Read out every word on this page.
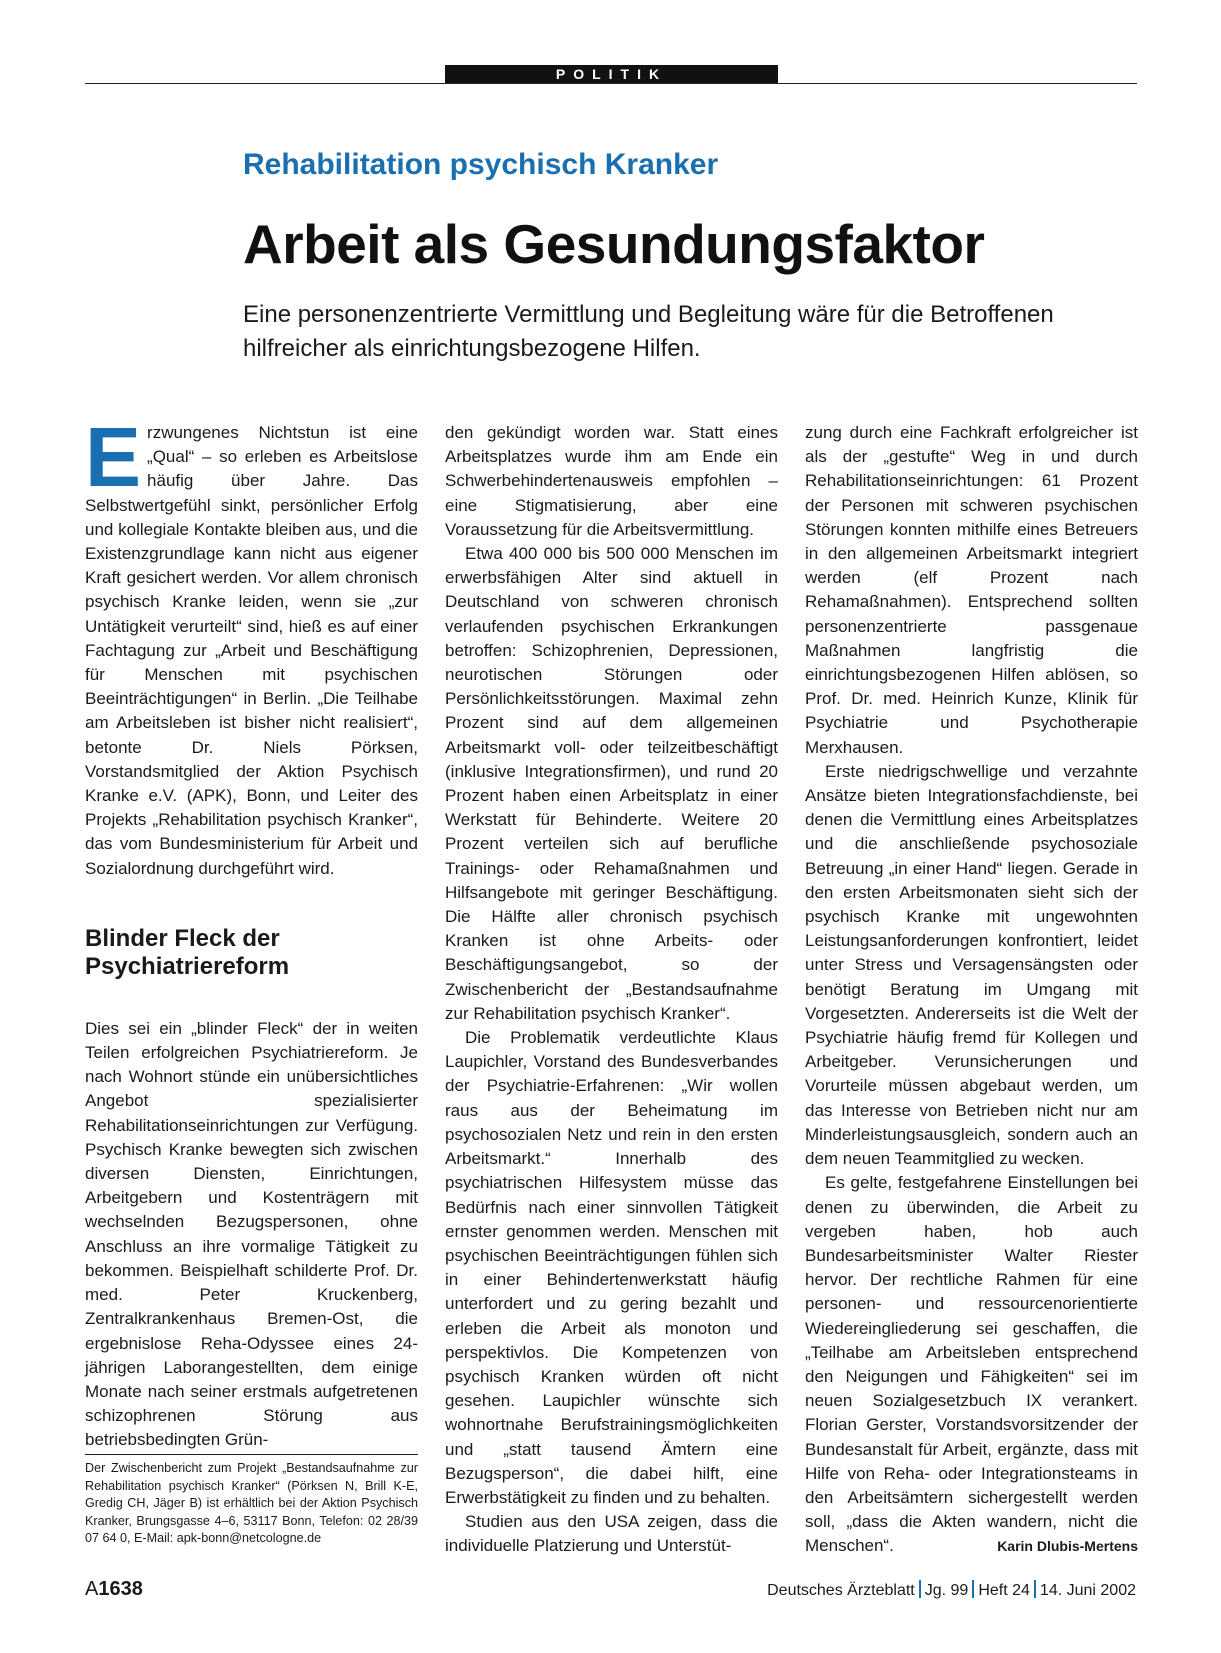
POLITIK
Rehabilitation psychisch Kranker
Arbeit als Gesundungsfaktor
Eine personenzentrierte Vermittlung und Begleitung wäre für die Betroffenen hilfreicher als einrichtungsbezogene Hilfen.

Erzwungenes Nichtstun ist eine „Qual“ – so erleben es Arbeitslose häufig über Jahre. Das Selbstwertgefühl sinkt, persönlicher Erfolg und kollegiale Kontakte bleiben aus, und die Existenzgrundlage kann nicht aus eigener Kraft gesichert werden. Vor allem chronisch psychisch Kranke leiden, wenn sie „zur Untätigkeit verurteilt“ sind, hieß es auf einer Fachtagung zur „Arbeit und Beschäftigung für Menschen mit psychischen Beeinträchtigungen“ in Berlin. „Die Teilhabe am Arbeitsleben ist bisher nicht realisiert“, betonte Dr. Niels Pörksen, Vorstandsmitglied der Aktion Psychisch Kranke e.V. (APK), Bonn, und Leiter des Projekts „Rehabilitation psychisch Kranker“, das vom Bundesministerium für Arbeit und Sozialordnung durchgeführt wird.

Blinder Fleck der Psychiatriereform

Dies sei ein „blinder Fleck“ der in weiten Teilen erfolgreichen Psychiatriereform. Je nach Wohnort stünde ein unübersichtliches Angebot spezialisierter Rehabilitationseinrichtungen zur Verfügung. Psychisch Kranke bewegten sich zwischen diversen Diensten, Einrichtungen, Arbeitgebern und Kostenträgern mit wechselnden Bezugspersonen, ohne Anschluss an ihre vormalige Tätigkeit zu bekommen. Beispielhaft schilderte Prof. Dr. med. Peter Kruckenberg, Zentralkrankenhaus Bremen-Ost, die ergebnislose Reha-Odyssee eines 24-jährigen Laborangestellten, dem einige Monate nach seiner erstmals aufgetretenen schizophrenen Störung aus betriebsbedingten Grün-

Der Zwischenbericht zum Projekt „Bestandsaufnahme zur Rehabilitation psychisch Kranker“ (Pörksen N, Brill K-E, Gredig CH, Jäger B) ist erhältlich bei der Aktion Psychisch Kranker, Brungsgasse 4–6, 53117 Bonn, Telefon: 02 28/39 07 64 0, E-Mail: apk-bonn@netcologne.de

den gekündigt worden war. Statt eines Arbeitsplatzes wurde ihm am Ende ein Schwerbehindertenausweis empfohlen – eine Stigmatisierung, aber eine Voraussetzung für die Arbeitsvermittlung.

Etwa 400 000 bis 500 000 Menschen im erwerbsfähigen Alter sind aktuell in Deutschland von schweren chronisch verlaufenden psychischen Erkrankungen betroffen: Schizophrenien, Depressionen, neurotischen Störungen oder Persönlichkeitsstörungen. Maximal zehn Prozent sind auf dem allgemeinen Arbeitsmarkt voll- oder teilzeitbeschäftigt (inklusive Integrationsfirmen), und rund 20 Prozent haben einen Arbeitsplatz in einer Werkstatt für Behinderte. Weitere 20 Prozent verteilen sich auf berufliche Trainings- oder Rehamaßnahmen und Hilfsangebote mit geringer Beschäftigung. Die Hälfte aller chronisch psychisch Kranken ist ohne Arbeits- oder Beschäftigungsangebot, so der Zwischenbericht der „Bestandsaufnahme zur Rehabilitation psychisch Kranker“.

Die Problematik verdeutlichte Klaus Laupichler, Vorstand des Bundesverbandes der Psychiatrie-Erfahrenen: „Wir wollen raus aus der Beheimatung im psychosozialen Netz und rein in den ersten Arbeitsmarkt.“ Innerhalb des psychiatrischen Hilfesystem müsse das Bedürfnis nach einer sinnvollen Tätigkeit ernster genommen werden. Menschen mit psychischen Beeinträchtigungen fühlen sich in einer Behindertenwerkstatt häufig unterfordert und zu gering bezahlt und erleben die Arbeit als monoton und perspektivlos. Die Kompetenzen von psychisch Kranken würden oft nicht gesehen. Laupichler wünschte sich wohnortnahe Berufstrainingsmöglichkeiten und „statt tausend Ämtern eine Bezugsperson“, die dabei hilft, eine Erwerbstätigkeit zu finden und zu behalten.

Studien aus den USA zeigen, dass die individuelle Platzierung und Unterstüt-

zung durch eine Fachkraft erfolgreicher ist als der „gestufte“ Weg in und durch Rehabilitationseinrichtungen: 61 Prozent der Personen mit schweren psychischen Störungen konnten mithilfe eines Betreuers in den allgemeinen Arbeitsmarkt integriert werden (elf Prozent nach Rehamaßnahmen). Entsprechend sollten personenzentrierte passgenaue Maßnahmen langfristig die einrichtungsbezogenen Hilfen ablösen, so Prof. Dr. med. Heinrich Kunze, Klinik für Psychiatrie und Psychotherapie Merxhausen.

Erste niedrigschwellige und verzahnte Ansätze bieten Integrationsfachdienste, bei denen die Vermittlung eines Arbeitsplatzes und die anschließende psychosoziale Betreuung „in einer Hand“ liegen. Gerade in den ersten Arbeitsmonaten sieht sich der psychisch Kranke mit ungewohnten Leistungsanforderungen konfrontiert, leidet unter Stress und Versagensängsten oder benötigt Beratung im Umgang mit Vorgesetzten. Andererseits ist die Welt der Psychiatrie häufig fremd für Kollegen und Arbeitgeber. Verunsicherungen und Vorurteile müssen abgebaut werden, um das Interesse von Betrieben nicht nur am Minderleistungsausgleich, sondern auch an dem neuen Teammitglied zu wecken.

Es gelte, festgefahrene Einstellungen bei denen zu überwinden, die Arbeit zu vergeben haben, hob auch Bundesarbeitsminister Walter Riester hervor. Der rechtliche Rahmen für eine personen- und ressourcenorientierte Wiedereingliederung sei geschaffen, die „Teilhabe am Arbeitsleben entsprechend den Neigungen und Fähigkeiten“ sei im neuen Sozialgesetzbuch IX verankert. Florian Gerster, Vorstandsvorsitzender der Bundesanstalt für Arbeit, ergänzte, dass mit Hilfe von Reha- oder Integrationsteams in den Arbeitsämtern sichergestellt werden soll, „dass die Akten wandern, nicht die Menschen“.	Karin Dlubis-Mertens

A1638	Deutsches Ärzteblatt Jg. 99 Heft 24 14. Juni 2002
